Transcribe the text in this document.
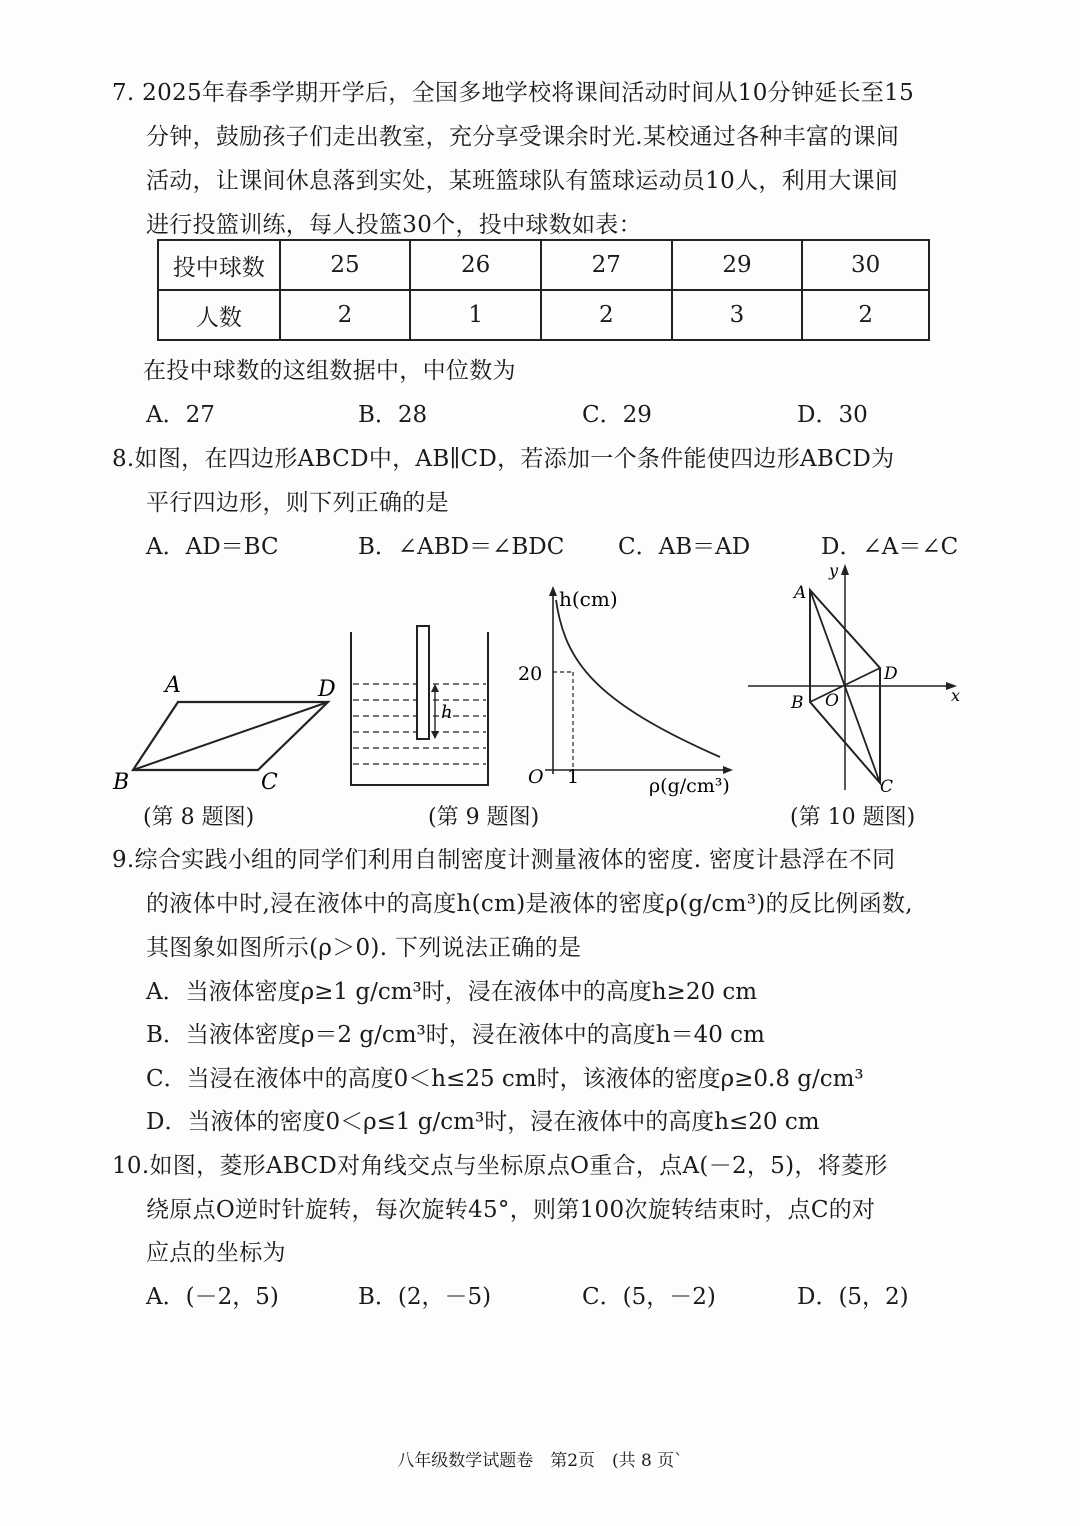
7. 2025年春季学期开学后，全国多地学校将课间活动时间从10分钟延长至15
分钟，鼓励孩子们走出教室，充分享受课余时光.某校通过各种丰富的课间
活动，让课间休息落到实处，某班篮球队有篮球运动员10人，利用大课间
进行投篮训练，每人投篮30个，投中球数如表：
投中球数	25	26	27	29	30
人数	2	1	2	3	2
在投中球数的这组数据中，中位数为
A．27	B．28	C．29	D．30
8.如图，在四边形ABCD中，AB∥CD，若添加一个条件能使四边形ABCD为
平行四边形，则下列正确的是
A．AD＝BC	B．∠ABD＝∠BDC C．AB＝AD	D．∠A＝∠C
A	D
B	C
h
h(cm)
20
O 1	ρ(g/cm³)
A
D
B O
C
x
y
(第 8 题图)	(第 9 题图)	(第 10 题图)
9.综合实践小组的同学们利用自制密度计测量液体的密度. 密度计悬浮在不同
的液体中时,浸在液体中的高度h(cm)是液体的密度ρ(g/cm³)的反比例函数,
其图象如图所示(ρ＞0). 下列说法正确的是
A．当液体密度ρ≥1 g/cm³时，浸在液体中的高度h≥20 cm
B．当液体密度ρ＝2 g/cm³时，浸在液体中的高度h＝40 cm
C．当浸在液体中的高度0＜h≤25 cm时，该液体的密度ρ≥0.8 g/cm³
D．当液体的密度0＜ρ≤1 g/cm³时，浸在液体中的高度h≤20 cm
10.如图，菱形ABCD对角线交点与坐标原点O重合，点A(－2，5)，将菱形
绕原点O逆时针旋转，每次旋转45°，则第100次旋转结束时，点C的对
应点的坐标为
A．(－2，5)	B．(2，－5)	C．(5，－2)	D．(5，2)
八年级数学试题卷　第2页　(共 8 页`
